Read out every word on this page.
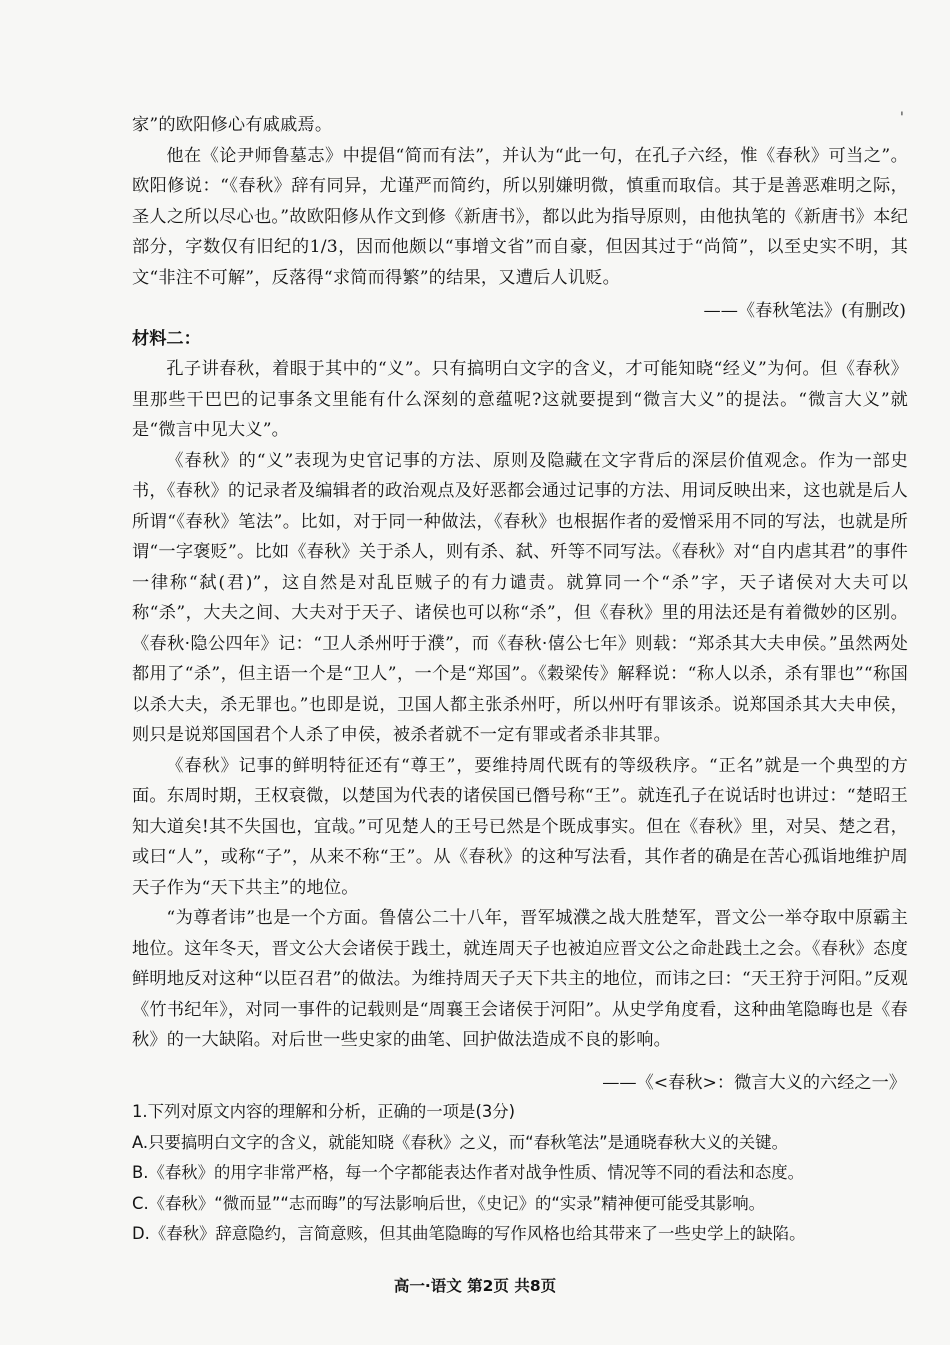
'

家”的欧阳修心有戚戚焉。

他在《论尹师鲁墓志》中提倡“简而有法”，并认为“此一句，在孔子六经，惟《春秋》可当之”。欧阳修说：“《春秋》辞有同异，尤谨严而简约，所以别嫌明微，慎重而取信。其于是善恶难明之际，圣人之所以尽心也。”故欧阳修从作文到修《新唐书》，都以此为指导原则，由他执笔的《新唐书》本纪部分，字数仅有旧纪的1/3，因而他颇以“事增文省”而自豪，但因其过于“尚简”，以至史实不明，其文“非注不可解”，反落得“求简而得繁”的结果，又遭后人讥贬。

——《春秋笔法》(有删改)
材料二：

孔子讲春秋，着眼于其中的“义”。只有搞明白文字的含义，才可能知晓“经义”为何。但《春秋》里那些干巴巴的记事条文里能有什么深刻的意蕴呢?这就要提到“微言大义”的提法。“微言大义”就是“微言中见大义”。

《春秋》的“义”表现为史官记事的方法、原则及隐藏在文字背后的深层价值观念。作为一部史书，《春秋》的记录者及编辑者的政治观点及好恶都会通过记事的方法、用词反映出来，这也就是后人所谓“《春秋》笔法”。比如，对于同一种做法，《春秋》也根据作者的爱憎采用不同的写法，也就是所谓“一字褒贬”。比如《春秋》关于杀人，则有杀、弑、歼等不同写法。《春秋》对“自内虐其君”的事件一律称“弑(君)”，这自然是对乱臣贼子的有力谴责。就算同一个“杀”字，天子诸侯对大夫可以称“杀”，大夫之间、大夫对于天子、诸侯也可以称“杀”，但《春秋》里的用法还是有着微妙的区别。《春秋·隐公四年》记：“卫人杀州吁于濮”，而《春秋·僖公七年》则载：“郑杀其大夫申侯。”虽然两处都用了“杀”，但主语一个是“卫人”，一个是“郑国”。《穀梁传》解释说：“称人以杀，杀有罪也”“称国以杀大夫，杀无罪也。”也即是说，卫国人都主张杀州吁，所以州吁有罪该杀。说郑国杀其大夫申侯，则只是说郑国国君个人杀了申侯，被杀者就不一定有罪或者杀非其罪。

《春秋》记事的鲜明特征还有“尊王”，要维持周代既有的等级秩序。“正名”就是一个典型的方面。东周时期，王权衰微，以楚国为代表的诸侯国已僭号称“王”。就连孔子在说话时也讲过：“楚昭王知大道矣!其不失国也，宜哉。”可见楚人的王号已然是个既成事实。但在《春秋》里，对吴、楚之君，或曰“人”，或称“子”，从来不称“王”。从《春秋》的这种写法看，其作者的确是在苦心孤诣地维护周天子作为“天下共主”的地位。

“为尊者讳”也是一个方面。鲁僖公二十八年，晋军城濮之战大胜楚军，晋文公一举夺取中原霸主地位。这年冬天，晋文公大会诸侯于践土，就连周天子也被迫应晋文公之命赴践土之会。《春秋》态度鲜明地反对这种“以臣召君”的做法。为维持周天子天下共主的地位，而讳之曰：“天王狩于河阳。”反观《竹书纪年》，对同一事件的记载则是“周襄王会诸侯于河阳”。从史学角度看，这种曲笔隐晦也是《春秋》的一大缺陷。对后世一些史家的曲笔、回护做法造成不良的影响。

——《<春秋>：微言大义的六经之一》

1.下列对原文内容的理解和分析，正确的一项是(3分)

A.只要搞明白文字的含义，就能知晓《春秋》之义，而“春秋笔法”是通晓春秋大义的关键。

B.《春秋》的用字非常严格，每一个字都能表达作者对战争性质、情况等不同的看法和态度。

C.《春秋》“微而显”“志而晦”的写法影响后世，《史记》的“实录”精神便可能受其影响。

D.《春秋》辞意隐约，言简意赅，但其曲笔隐晦的写作风格也给其带来了一些史学上的缺陷。

高一·语文 第2页 共8页
